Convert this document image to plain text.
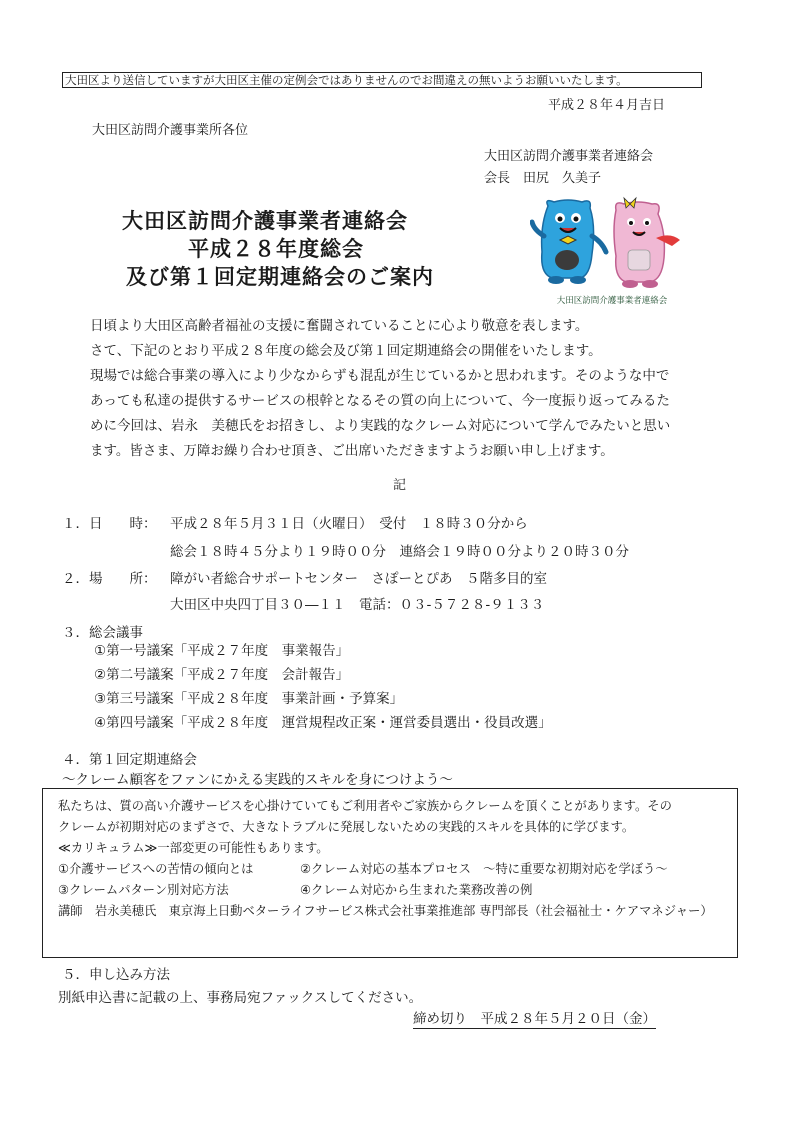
大田区より送信していますが大田区主催の定例会ではありませんのでお間違えの無いようお願いいたします。
平成２８年４月吉日
大田区訪問介護事業所各位
大田区訪問介護事業者連絡会
会長　田尻　久美子
大田区訪問介護事業者連絡会
平成２８年度総会
及び第１回定期連絡会のご案内
大田区訪問介護事業者連絡会
日頃より大田区高齢者福祉の支援に奮闘されていることに心より敬意を表します。
さて、下記のとおり平成２８年度の総会及び第１回定期連絡会の開催をいたします。
現場では総合事業の導入により少なからずも混乱が生じているかと思われます。そのような中で
あっても私達の提供するサービスの根幹となるその質の向上について、今一度振り返ってみるた
めに今回は、岩永　美穂氏をお招きし、より実践的なクレーム対応について学んでみたいと思い
ます。皆さま、万障お繰り合わせ頂き、ご出席いただきますようお願い申し上げます。
記
１．日　　時： 平成２８年５月３１日（火曜日）　受付　１８時３０分から
総会１８時４５分より１９時００分　連絡会１９時００分より２０時３０分
２．場　　所： 障がい者総合サポートセンター　さぽーとぴあ　５階多目的室
大田区中央四丁目３０―１１　電話：０３-５７２８-９１３３
３．総会議事
①第一号議案「平成２７年度　事業報告」
②第二号議案「平成２７年度　会計報告」
③第三号議案「平成２８年度　事業計画・予算案」
④第四号議案「平成２８年度　運営規程改正案・運営委員選出・役員改選」
４．第１回定期連絡会
～クレーム顧客をファンにかえる実践的スキルを身につけよう～
私たちは、質の高い介護サービスを心掛けていてもご利用者やご家族からクレームを頂くことがあります。その
クレームが初期対応のまずさで、大きなトラブルに発展しないための実践的スキルを具体的に学びます。
≪カリキュラム≫一部変更の可能性もあります。
①介護サービスへの苦情の傾向とは	②クレーム対応の基本プロセス　～特に重要な初期対応を学ぼう～
③クレームパターン別対応方法	④クレーム対応から生まれた業務改善の例
講師　岩永美穂氏　東京海上日動ベターライフサービス株式会社事業推進部 専門部長（社会福祉士・ケアマネジャー）
５．申し込み方法
別紙申込書に記載の上、事務局宛ファックスしてください。
締め切り　平成２８年５月２０日（金）
